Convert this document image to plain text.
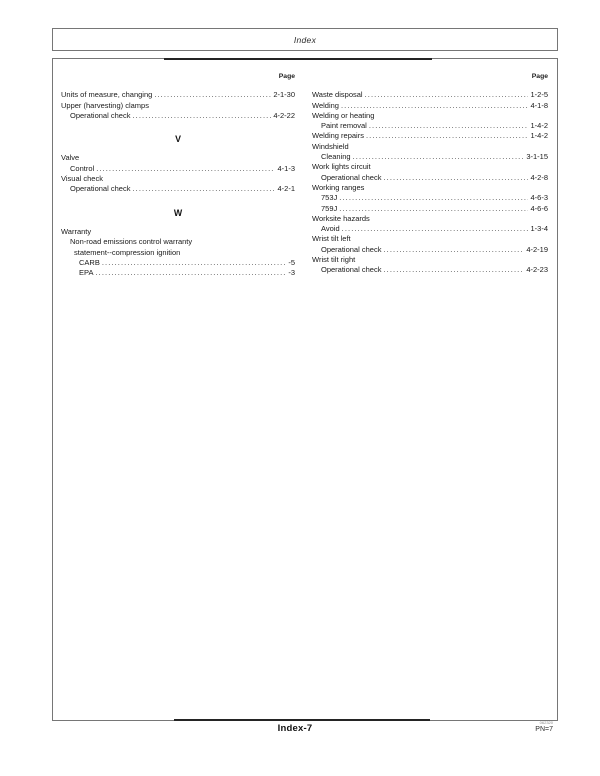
Index
Page
Units of measure, changing .....	2-1-30
Upper (harvesting) clamps
Operational check .....	4-2-22
V
Valve
Control .....	4-1-3
Visual check
Operational check .....	4-2-1
W
Warranty
Non-road emissions control warranty
statement--compression ignition
CARB .....	-5
EPA .....	-3
Page
Waste disposal .....	1-2-5
Welding .....	4-1-8
Welding or heating
Paint removal .....	1-4-2
Welding repairs .....	1-4-2
Windshield
Cleaning .....	3-1-15
Work lights circuit
Operational check .....	4-2-8
Working ranges
753J .....	4-6-3
759J .....	4-6-6
Worksite hazards
Avoid .....	1-3-4
Wrist tilt left
Operational check .....	4-2-19
Wrist tilt right
Operational check .....	4-2-23
Index-7
062320
PN=7
